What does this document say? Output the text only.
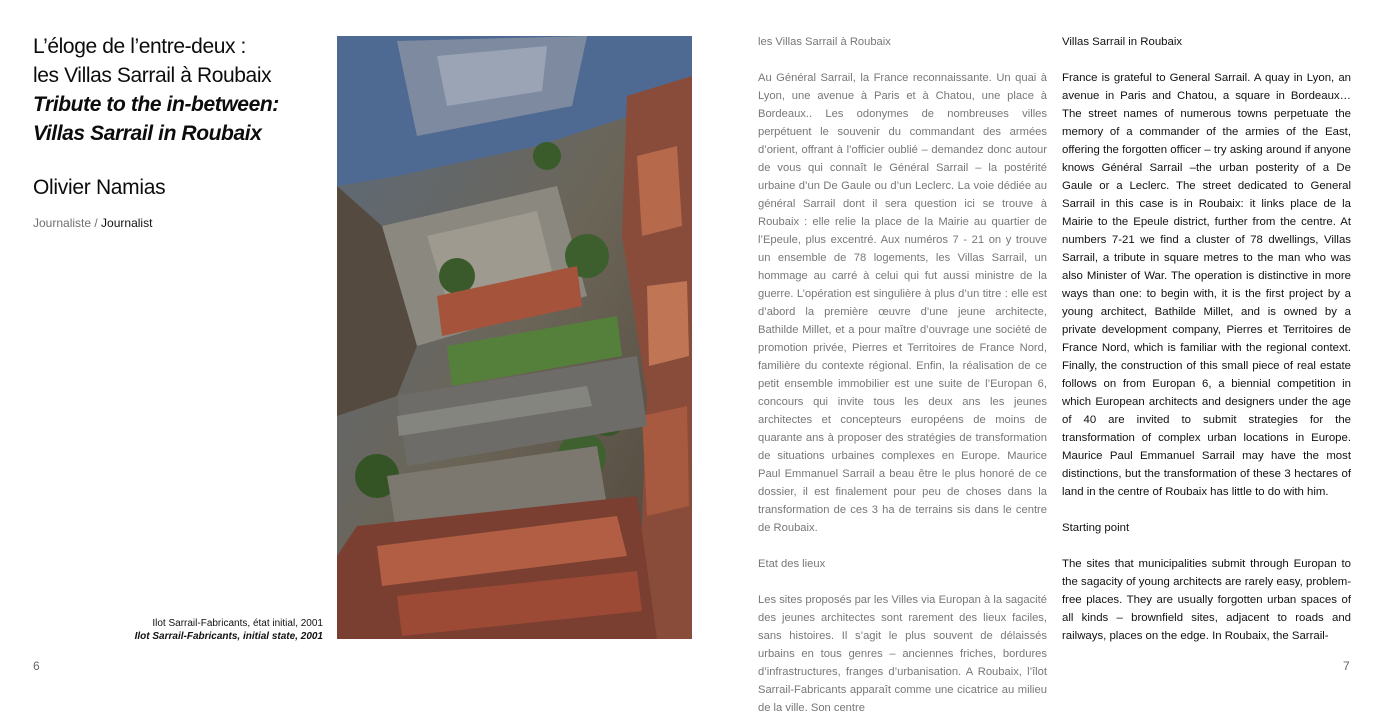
L’éloge de l’entre-deux :
les Villas Sarrail à Roubaix
Tribute to the in-between:
Villas Sarrail in Roubaix
Olivier Namias
Journaliste / Journalist
Ilot Sarrail-Fabricants, état initial, 2001
Ilot Sarrail-Fabricants, initial state, 2001
6

les Villas Sarrail à Roubaix

Au Général Sarrail, la France reconnaissante. Un quai à Lyon, une avenue à Paris et à Chatou, une place à Bordeaux.. Les odonymes de nombreuses villes perpétuent le souvenir du commandant des armées d’orient, offrant à l’officier oublié – demandez donc autour de vous qui connaît le Général Sarrail – la postérité urbaine d’un De Gaule ou d’un Leclerc. La voie dédiée au général Sarrail dont il sera question ici se trouve à Roubaix : elle relie la place de la Mairie au quartier de l’Epeule, plus excentré. Aux numéros 7 - 21 on y trouve un ensemble de 78 logements, les Villas Sarrail, un hommage au carré à celui qui fut aussi ministre de la guerre. L’opération est singulière à plus d’un titre : elle est d’abord la première œuvre d’une jeune architecte, Bathilde Millet, et a pour maître d’ouvrage une société de promotion privée, Pierres et Territoires de France Nord, familière du contexte régional. Enfin, la réalisation de ce petit ensemble immobilier est une suite de l’Europan 6, concours qui invite tous les deux ans les jeunes architectes et concepteurs européens de moins de quarante ans à proposer des stratégies de transformation de situations urbaines complexes en Europe. Maurice Paul Emmanuel Sarrail a beau être le plus honoré de ce dossier, il est finalement pour peu de choses dans la transformation de ces 3 ha de terrains sis dans le centre de Roubaix.

Etat des lieux

Les sites proposés par les Villes via Europan à la sagacité des jeunes architectes sont rarement des lieux faciles, sans histoires. Il s’agit le plus souvent de délaissés urbains en tous genres – anciennes friches, bordures d’infrastructures, franges d’urbanisation. A Roubaix, l’îlot Sarrail-Fabricants apparaît comme une cicatrice au milieu de la ville. Son centre

Villas Sarrail in Roubaix

France is grateful to General Sarrail. A quay in Lyon, an avenue in Paris and Chatou, a square in Bordeaux… The street names of numerous towns perpetuate the memory of a commander of the armies of the East, offering the forgotten officer – try asking around if anyone knows Général Sarrail –the urban posterity of a De Gaule or a Leclerc. The street dedicated to General Sarrail in this case is in Roubaix: it links place de la Mairie to the Epeule district, further from the centre. At numbers 7-21 we find a cluster of 78 dwellings, Villas Sarrail, a tribute in square metres to the man who was also Minister of War. The operation is distinctive in more ways than one: to begin with, it is the first project by a young architect, Bathilde Millet, and is owned by a private development company, Pierres et Territoires de France Nord, which is familiar with the regional context. Finally, the construction of this small piece of real estate follows on from Europan 6, a biennial competition in which European architects and designers under the age of 40 are invited to submit strategies for the transformation of complex urban locations in Europe. Maurice Paul Emmanuel Sarrail may have the most distinctions, but the transformation of these 3 hectares of land in the centre of Roubaix has little to do with him.

Starting point

The sites that municipalities submit through Europan to the sagacity of young architects are rarely easy, problem-free places. They are usually forgotten urban spaces of all kinds – brownfield sites, adjacent to roads and railways, places on the edge. In Roubaix, the Sarrail-

7
